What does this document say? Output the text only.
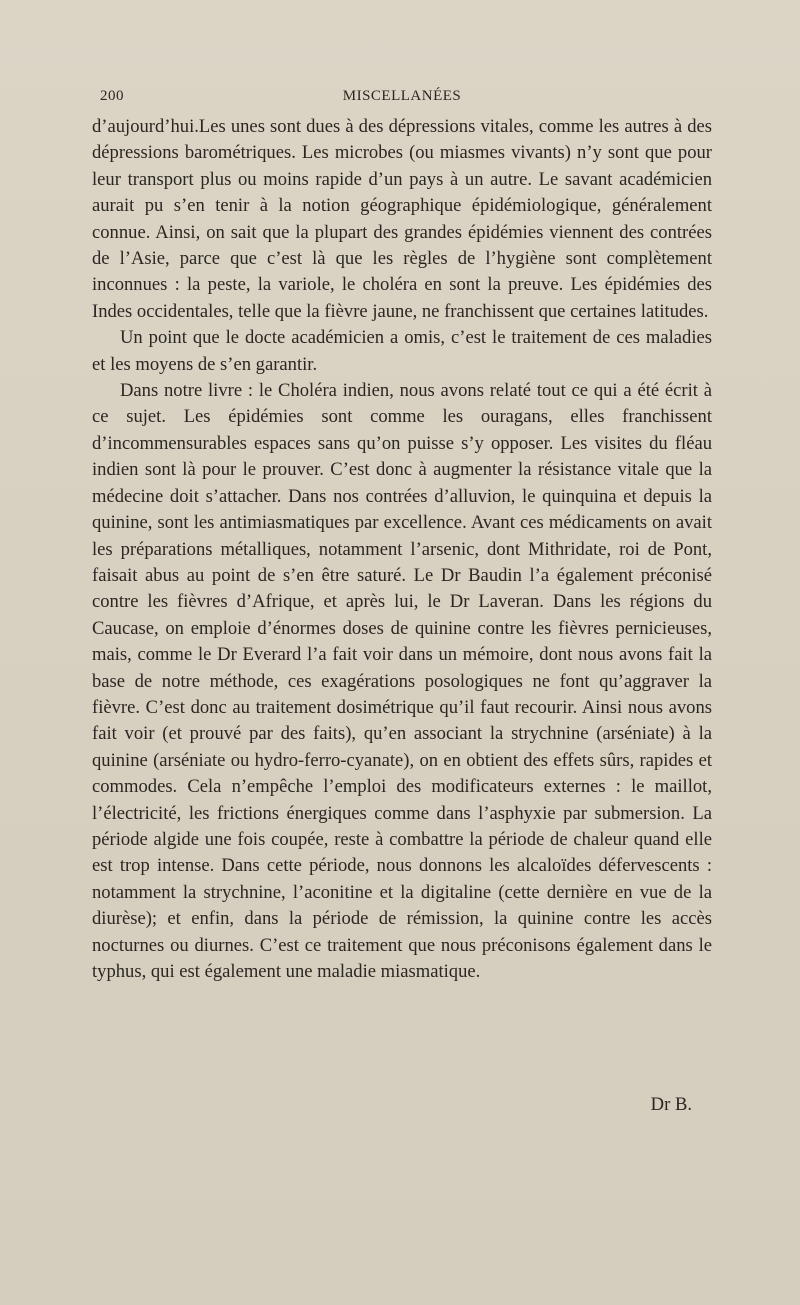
200	MISCELLANÉES

d’aujourd’hui.Les unes sont dues à des dépressions vitales, comme les autres à des dépressions barométriques. Les microbes (ou miasmes vivants) n’y sont que pour leur transport plus ou moins rapide d’un pays à un autre. Le savant académicien aurait pu s’en tenir à la notion géographique épidémiologique, généralement connue. Ainsi, on sait que la plupart des grandes épidémies viennent des contrées de l’Asie, parce que c’est là que les règles de l’hygiène sont complètement inconnues : la peste, la variole, le choléra en sont la preuve. Les épidémies des Indes occidentales, telle que la fièvre jaune, ne franchissent que certaines latitudes.

Un point que le docte académicien a omis, c’est le traitement de ces maladies et les moyens de s’en garantir.

Dans notre livre : le Choléra indien, nous avons relaté tout ce qui a été écrit à ce sujet. Les épidémies sont comme les ouragans, elles franchissent d’incommensurables espaces sans qu’on puisse s’y opposer. Les visites du fléau indien sont là pour le prouver. C’est donc à augmenter la résistance vitale que la médecine doit s’attacher. Dans nos contrées d’alluvion, le quinquina et depuis la quinine, sont les antimiasmatiques par excellence. Avant ces médicaments on avait les préparations métalliques, notamment l’arsenic, dont Mithridate, roi de Pont, faisait abus au point de s’en être saturé. Le Dr Baudin l’a également préconisé contre les fièvres d’Afrique, et après lui, le Dr Laveran. Dans les régions du Caucase, on emploie d’énormes doses de quinine contre les fièvres pernicieuses, mais, comme le Dr Everard l’a fait voir dans un mémoire, dont nous avons fait la base de notre méthode, ces exagérations posologiques ne font qu’aggraver la fièvre. C’est donc au traitement dosimétrique qu’il faut recourir. Ainsi nous avons fait voir (et prouvé par des faits), qu’en associant la strychnine (arséniate) à la quinine (arséniate ou hydro-ferro-cyanate), on en obtient des effets sûrs, rapides et commodes. Cela n’empêche l’emploi des modificateurs externes : le maillot, l’électricité, les frictions énergiques comme dans l’asphyxie par submersion. La période algide une fois coupée, reste à combattre la période de chaleur quand elle est trop intense. Dans cette période, nous donnons les alcaloïdes défervescents : notamment la strychnine, l’aconitine et la digitaline (cette dernière en vue de la diurèse); et enfin, dans la période de rémission, la quinine contre les accès nocturnes ou diurnes. C’est ce traitement que nous préconisons également dans le typhus, qui est également une maladie miasmatique.

Dr B.
